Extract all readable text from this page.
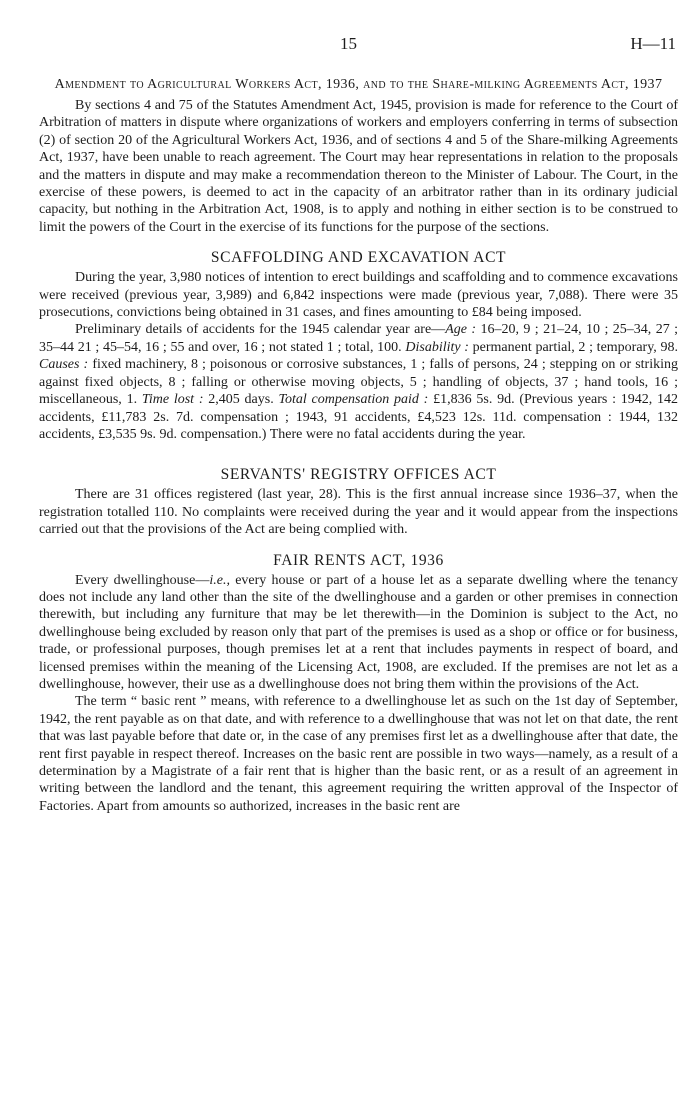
15	H—11
Amendment to Agricultural Workers Act, 1936, and to the Share-milking Agreements Act, 1937

By sections 4 and 75 of the Statutes Amendment Act, 1945, provision is made for reference to the Court of Arbitration of matters in dispute where organizations of workers and employers conferring in terms of subsection (2) of section 20 of the Agricultural Workers Act, 1936, and of sections 4 and 5 of the Share-milking Agreements Act, 1937, have been unable to reach agreement. The Court may hear representations in relation to the proposals and the matters in dispute and may make a recommendation thereon to the Minister of Labour. The Court, in the exercise of these powers, is deemed to act in the capacity of an arbitrator rather than in its ordinary judicial capacity, but nothing in the Arbitration Act, 1908, is to apply and nothing in either section is to be construed to limit the powers of the Court in the exercise of its functions for the purpose of the sections.

SCAFFOLDING AND EXCAVATION ACT

During the year, 3,980 notices of intention to erect buildings and scaffolding and to commence excavations were received (previous year, 3,989) and 6,842 inspections were made (previous year, 7,088). There were 35 prosecutions, convictions being obtained in 31 cases, and fines amounting to £84 being imposed.

Preliminary details of accidents for the 1945 calendar year are—Age : 16–20, 9 ; 21–24, 10 ; 25–34, 27 ; 35–44 21 ; 45–54, 16 ; 55 and over, 16 ; not stated 1 ; total, 100. Disability : permanent partial, 2 ; temporary, 98. Causes : fixed machinery, 8 ; poisonous or corrosive substances, 1 ; falls of persons, 24 ; stepping on or striking against fixed objects, 8 ; falling or otherwise moving objects, 5 ; handling of objects, 37 ; hand tools, 16 ; miscellaneous, 1. Time lost : 2,405 days. Total compensation paid : £1,836 5s. 9d. (Previous years : 1942, 142 accidents, £11,783 2s. 7d. compensation ; 1943, 91 accidents, £4,523 12s. 11d. compensation : 1944, 132 accidents, £3,535 9s. 9d. compensation.) There were no fatal accidents during the year.

SERVANTS' REGISTRY OFFICES ACT

There are 31 offices registered (last year, 28). This is the first annual increase since 1936–37, when the registration totalled 110. No complaints were received during the year and it would appear from the inspections carried out that the provisions of the Act are being complied with.

FAIR RENTS ACT, 1936

Every dwellinghouse—i.e., every house or part of a house let as a separate dwelling where the tenancy does not include any land other than the site of the dwellinghouse and a garden or other premises in connection therewith, but including any furniture that may be let therewith—in the Dominion is subject to the Act, no dwellinghouse being excluded by reason only that part of the premises is used as a shop or office or for business, trade, or professional purposes, though premises let at a rent that includes payments in respect of board, and licensed premises within the meaning of the Licensing Act, 1908, are excluded. If the premises are not let as a dwellinghouse, however, their use as a dwellinghouse does not bring them within the provisions of the Act.

The term “ basic rent ” means, with reference to a dwellinghouse let as such on the 1st day of September, 1942, the rent payable as on that date, and with reference to a dwellinghouse that was not let on that date, the rent that was last payable before that date or, in the case of any premises first let as a dwellinghouse after that date, the rent first payable in respect thereof. Increases on the basic rent are possible in two ways—namely, as a result of a determination by a Magistrate of a fair rent that is higher than the basic rent, or as a result of an agreement in writing between the landlord and the tenant, this agreement requiring the written approval of the Inspector of Factories. Apart from amounts so authorized, increases in the basic rent are
